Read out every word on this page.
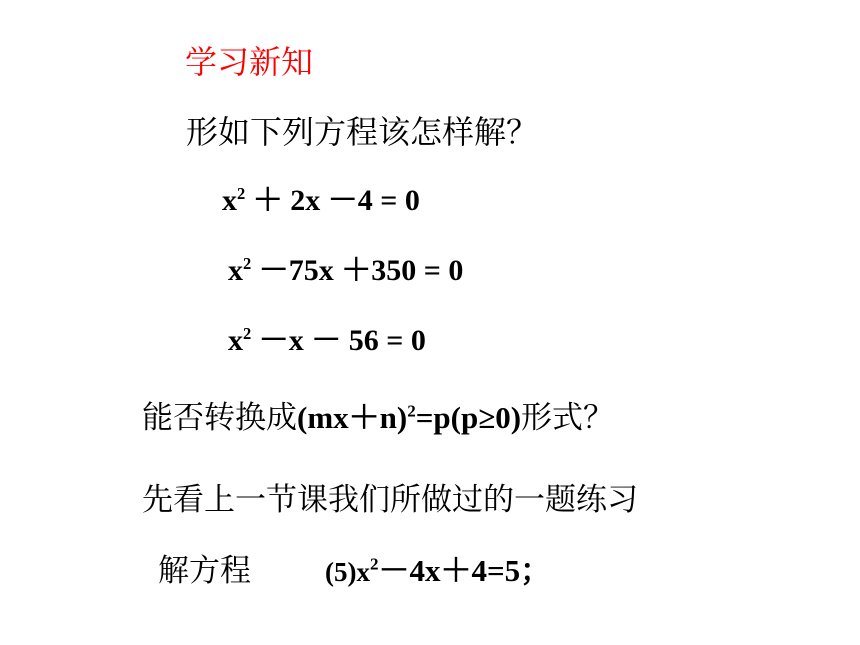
学习新知
形如下列方程该怎样解？
$x^2 + 2x -4 = 0$
$x^2 -75x +350 = 0$
$x^2 -x - 56 = 0$
能否转换成$(mx+n)^2=p(p\ge 0)$形式？
先看上一节课我们所做过的一题练习
解方程	$(5)x^2-4x+4=5$；
